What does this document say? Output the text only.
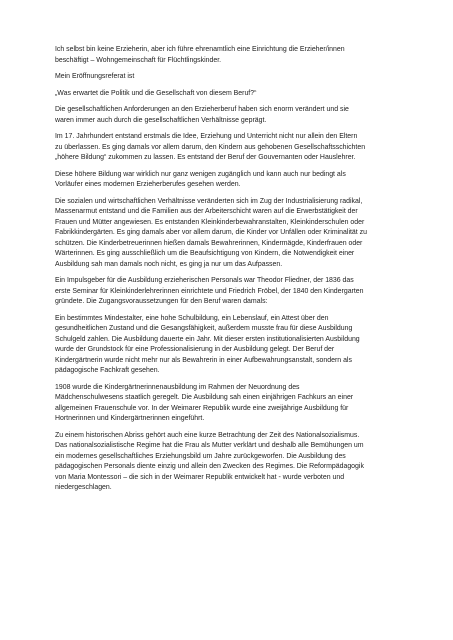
Ich selbst bin keine Erzieherin, aber ich führe ehrenamtlich eine Einrichtung die Erzieher/innen
beschäftigt – Wohngemeinschaft für Flüchtlingskinder.

Mein Eröffnungsreferat ist

„Was erwartet die Politik und die Gesellschaft von diesem Beruf?“

Die gesellschaftlichen Anforderungen an den Erzieherberuf haben sich enorm verändert und sie
waren immer auch durch die gesellschaftlichen Verhältnisse geprägt.

Im 17. Jahrhundert entstand erstmals die Idee, Erziehung und Unterricht nicht nur allein den Eltern
zu überlassen. Es ging damals vor allem darum, den Kindern aus gehobenen Gesellschaftsschichten
„höhere Bildung“ zukommen zu lassen. Es entstand der Beruf der Gouvernanten oder Hauslehrer.

Diese höhere Bildung war wirklich nur ganz wenigen zugänglich und kann auch nur bedingt als
Vorläufer eines modernen Erzieherberufes gesehen werden.

Die sozialen und wirtschaftlichen Verhältnisse veränderten sich im Zug der Industrialisierung radikal,
Massenarmut entstand und die Familien aus der Arbeiterschicht waren auf die Erwerbstätigkeit der
Frauen und Mütter angewiesen. Es entstanden Kleinkinderbewahranstalten, Kleinkinderschulen oder
Fabrikkindergärten. Es ging damals aber vor allem darum, die Kinder vor Unfällen oder Kriminalität zu
schützen. Die Kinderbetreuerinnen hießen damals Bewahrerinnen, Kindermägde, Kinderfrauen oder
Wärterinnen. Es ging ausschließlich um die Beaufsichtigung von Kindern, die Notwendigkeit einer
Ausbildung sah man damals noch nicht, es ging ja nur um das Aufpassen.

Ein Impulsgeber für die Ausbildung erzieherischen Personals war Theodor Fliedner, der 1836 das
erste Seminar für Kleinkinderlehrerinnen einrichtete und Friedrich Fröbel, der 1840 den Kindergarten
gründete. Die Zugangsvoraussetzungen für den Beruf waren damals:

Ein bestimmtes Mindestalter, eine hohe Schulbildung, ein Lebenslauf, ein Attest über den
gesundheitlichen Zustand und die Gesangsfähigkeit, außerdem musste frau für diese Ausbildung
Schulgeld zahlen. Die Ausbildung dauerte ein Jahr. Mit dieser ersten institutionalisierten Ausbildung
wurde der Grundstock für eine Professionalisierung in der Ausbildung gelegt. Der Beruf der
Kindergärtnerin wurde nicht mehr nur als Bewahrerin in einer Aufbewahrungsanstalt, sondern als
pädagogische Fachkraft gesehen.

1908 wurde die Kindergärtnerinnenausbildung im Rahmen der Neuordnung des
Mädchenschulwesens staatlich geregelt. Die Ausbildung sah einen einjährigen Fachkurs an einer
allgemeinen Frauenschule vor. In der Weimarer Republik wurde eine zweijährige Ausbildung für
Hortnerinnen und Kindergärtnerinnen eingeführt.

Zu einem historischen Abriss gehört auch eine kurze Betrachtung der Zeit des Nationalsozialismus.
Das nationalsozialistische Regime hat die Frau als Mutter verklärt und deshalb alle Bemühungen um
ein modernes gesellschaftliches Erziehungsbild um Jahre zurückgeworfen. Die Ausbildung des
pädagogischen Personals diente einzig und allein den Zwecken des Regimes. Die Reformpädagogik
von Maria Montessori – die sich in der Weimarer Republik entwickelt hat - wurde verboten und
niedergeschlagen.
